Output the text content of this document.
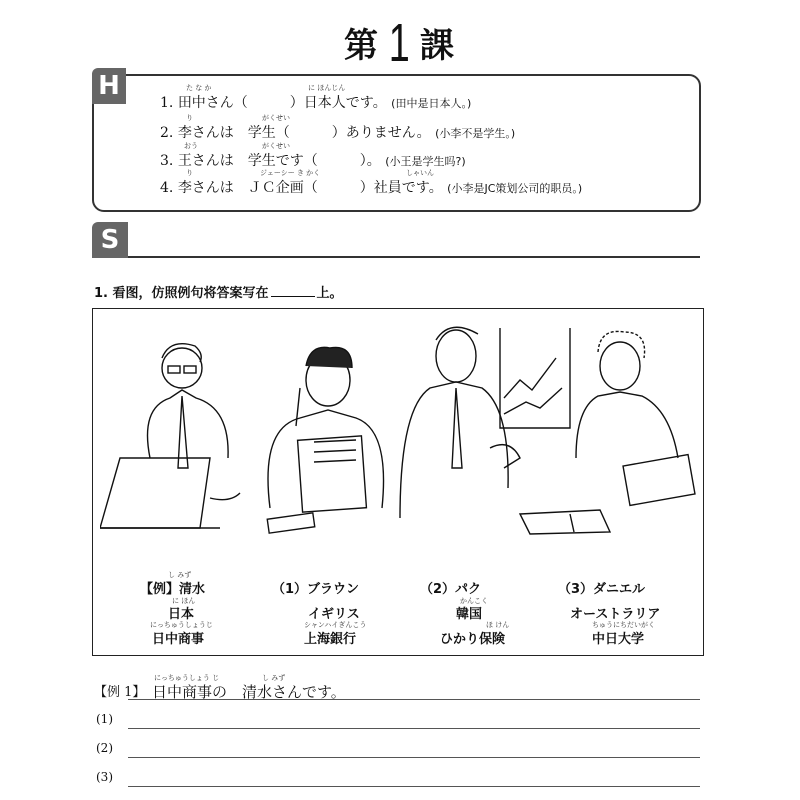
第 1 課
H	た な か	に ほんじん
1. 田中さん（　　　）日本人です。 (田中是日本人。)
り	がくせい
2. 李さんは　学生（　　　）ありません。 (小李不是学生。)
おう	がくせい
3. 王さんは　学生です（　　　）。 (小王是学生吗?)
り	ジェーシー き かく	しゃいん
4. 李さんは　ＪＣ企画（　　　）社員です。 (小李是JC策划公司的职员。)
S
1. 看图，仿照例句将答案写在	上。
し みず
【例】清水
に ほん
日本
にっちゅうしょうじ
日中商事
（1）ブラウン
イギリス
シャンハイぎんこう
上海銀行
（2）パク
かんこく
韓国
ほ けん
ひかり保険
（3）ダニエル
オーストラリア
ちゅうにちだいがく
中日大学
にっちゅうしょう じ	し みず
【例 1】 日中商事の　清水さんです。
(1)
(2)
(3)
